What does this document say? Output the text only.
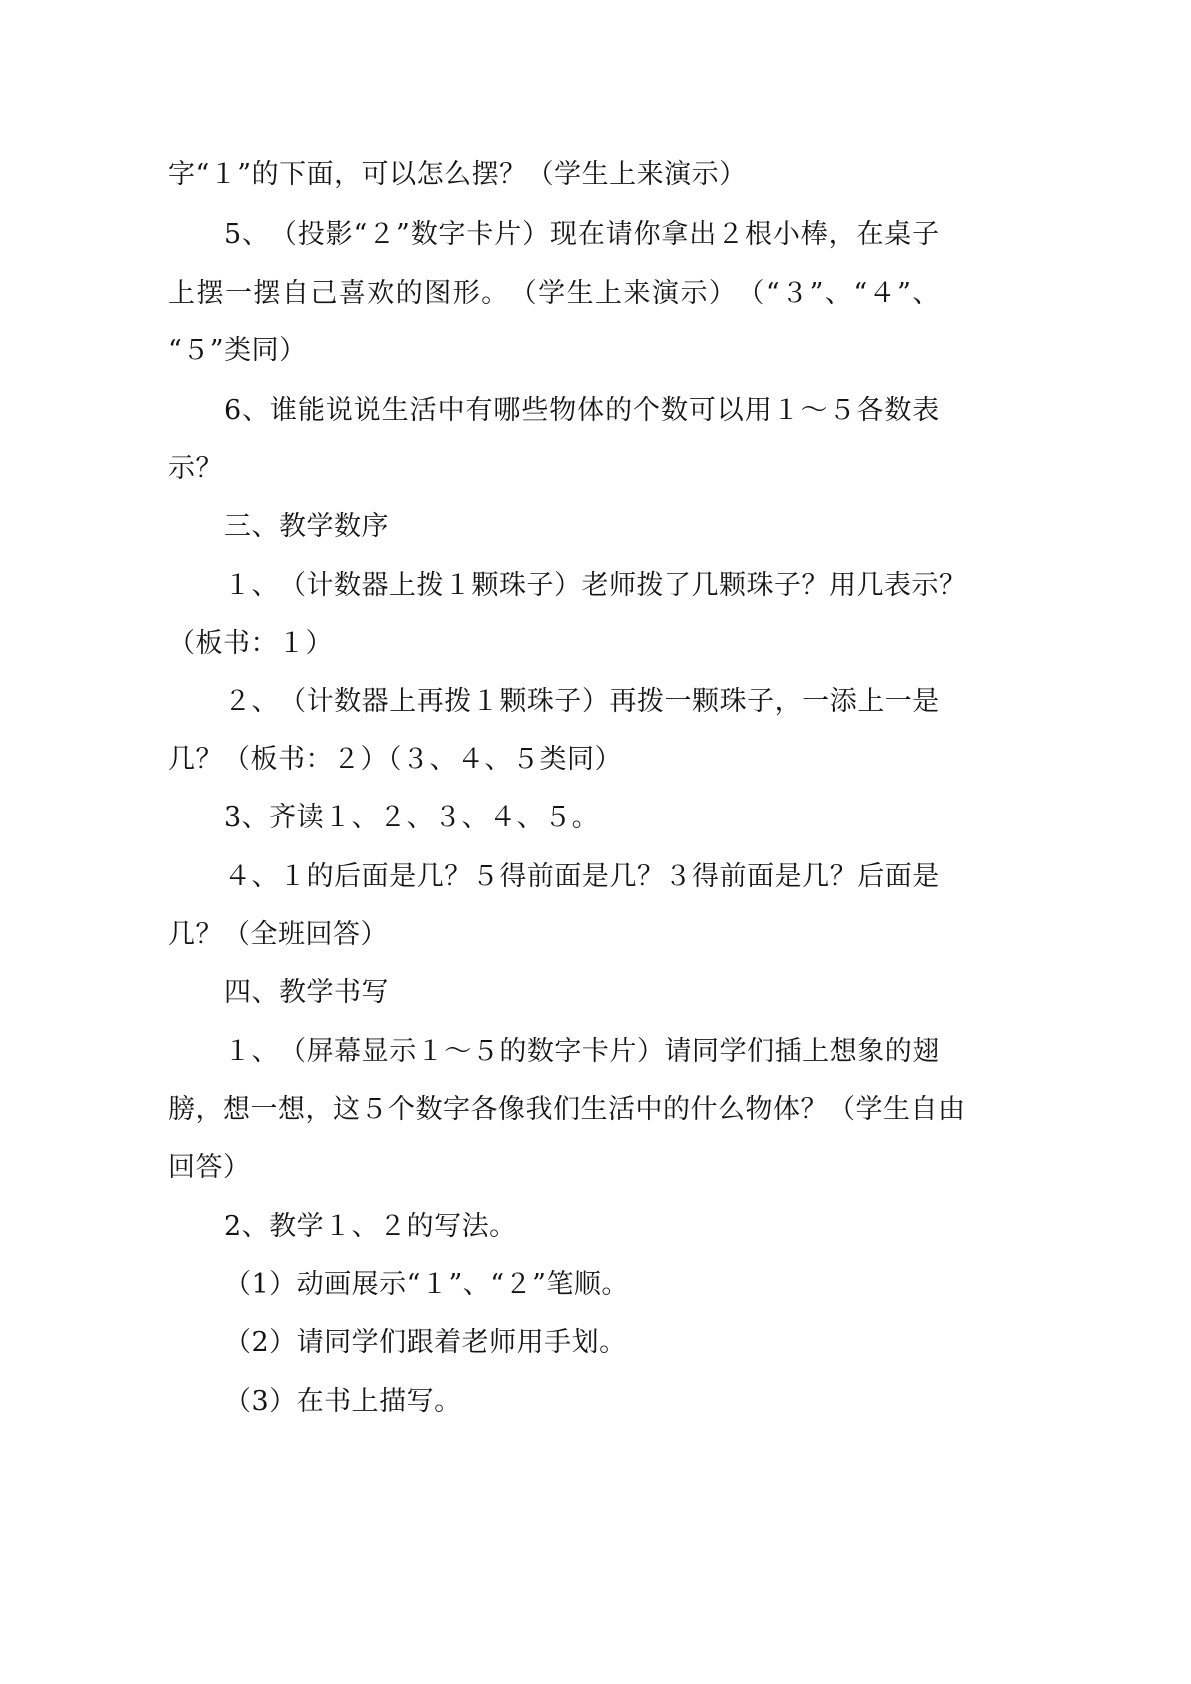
字“１”的下面，可以怎么摆？（学生上来演示）
5 、 （ 投 影 “ ２ ” 数 字 卡 片 ） 现 在 请 你 拿 出 ２ 根 小 棒 ， 在 桌 子
上 摆 一 摆 自 己 喜 欢 的 图 形 。 （ 学 生 上 来 演 示 ） （ “ ３ ” 、 “ ４ ” 、
“５”类同）
6 、 谁 能 说 说 生 活 中 有 哪 些 物 体 的 个 数 可 以 用 １ ～ ５ 各 数 表
示？
三、教学数序
１ 、 （ 计 数 器 上 拨 １ 颗 珠 子 ） 老 师 拨 了 几 颗 珠 子 ？ 用 几 表 示 ？
（板书：１）
２ 、 （ 计 数 器 上 再 拨 １ 颗 珠 子 ） 再 拨 一 颗 珠 子 ， 一 添 上 一 是
几？（板书：２）（３、４、５类同）
3、齐读１、２、３、４、５。
４ 、 １ 的 后 面 是 几 ？ ５ 得 前 面 是 几 ？ ３ 得 前 面 是 几 ？ 后 面 是
几？（全班回答）
四、教学书写
１ 、 （ 屏 幕 显 示 １ ～ ５ 的 数 字 卡 片 ） 请 同 学 们 插 上 想 象 的 翅
膀 ， 想 一 想 ， 这 ５ 个 数 字 各 像 我 们 生 活 中 的 什 么 物 体 ？ （ 学 生 自 由
回答）
2、教学１、２的写法。
（1）动画展示“１”、“２”笔顺。
（2）请同学们跟着老师用手划。
（3）在书上描写。
